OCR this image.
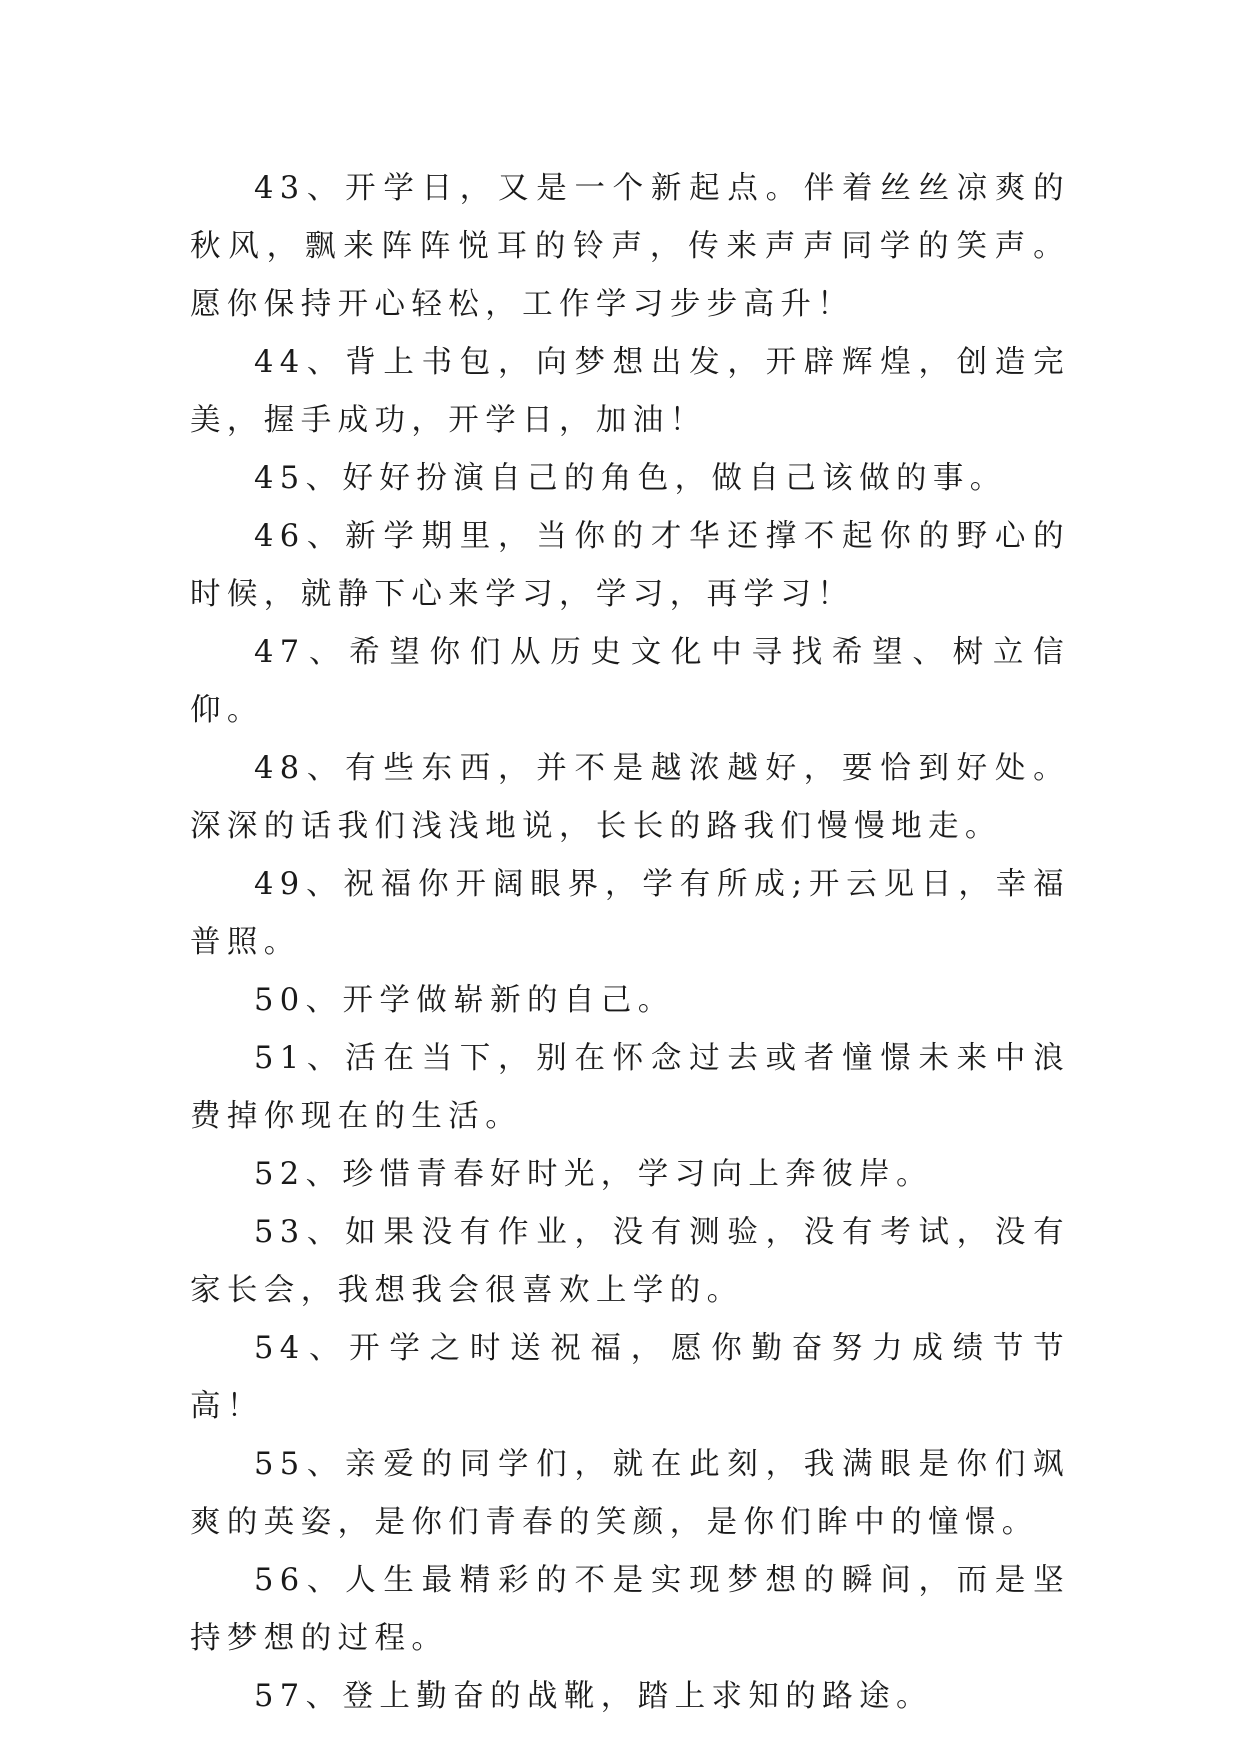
43、开学日，又是一个新起点。伴着丝丝凉爽的秋风，飘来阵阵悦耳的铃声，传来声声同学的笑声。愿你保持开心轻松，工作学习步步高升！

44、背上书包，向梦想出发，开辟辉煌，创造完美，握手成功，开学日，加油！

45、好好扮演自己的角色，做自己该做的事。

46、新学期里，当你的才华还撑不起你的野心的时候，就静下心来学习，学习，再学习！

47、希望你们从历史文化中寻找希望、树立信仰。

48、有些东西，并不是越浓越好，要恰到好处。深深的话我们浅浅地说，长长的路我们慢慢地走。

49、祝福你开阔眼界，学有所成;开云见日，幸福普照。

50、开学做崭新的自己。

51、活在当下，别在怀念过去或者憧憬未来中浪费掉你现在的生活。

52、珍惜青春好时光，学习向上奔彼岸。

53、如果没有作业，没有测验，没有考试，没有家长会，我想我会很喜欢上学的。

54、开学之时送祝福，愿你勤奋努力成绩节节高！

55、亲爱的同学们，就在此刻，我满眼是你们飒爽的英姿，是你们青春的笑颜，是你们眸中的憧憬。

56、人生最精彩的不是实现梦想的瞬间，而是坚持梦想的过程。

57、登上勤奋的战靴，踏上求知的路途。
